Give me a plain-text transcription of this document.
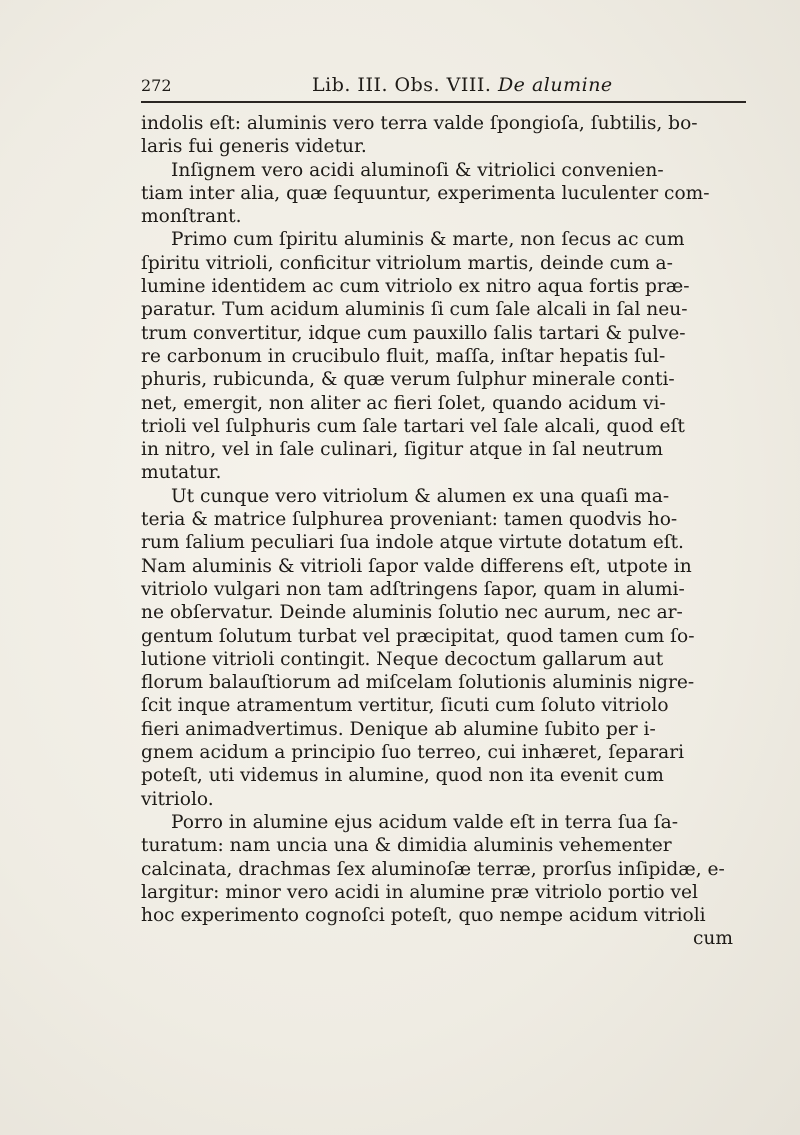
272	Lib. III. Obs. VIII. De alumine
indolis eſt: aluminis vero terra valde ſpongioſa, ſubtilis, bo-
laris fui generis videtur.
Inſignem vero acidi aluminoſi & vitriolici convenien-
tiam inter alia, quæ ſequuntur, experimenta luculenter com-
monſtrant.
Primo cum ſpiritu aluminis & marte, non ſecus ac cum
ſpiritu vitrioli, conficitur vitriolum martis, deinde cum a-
lumine identidem ac cum vitriolo ex nitro aqua fortis præ-
paratur. Tum acidum aluminis ſi cum ſale alcali in ſal neu-
trum convertitur, idque cum pauxillo ſalis tartari & pulve-
re carbonum in crucibulo fluit, maſſa, inſtar hepatis ſul-
phuris, rubicunda, & quæ verum ſulphur minerale conti-
net, emergit, non aliter ac fieri ſolet, quando acidum vi-
trioli vel ſulphuris cum ſale tartari vel ſale alcali, quod eſt
in nitro, vel in ſale culinari, ſigitur atque in ſal neutrum
mutatur.
Ut cunque vero vitriolum & alumen ex una quaſi ma-
teria & matrice ſulphurea proveniant: tamen quodvis ho-
rum ſalium peculiari ſua indole atque virtute dotatum eſt.
Nam aluminis & vitrioli ſapor valde differens eſt, utpote in
vitriolo vulgari non tam adſtringens ſapor, quam in alumi-
ne obſervatur. Deinde aluminis ſolutio nec aurum, nec ar-
gentum ſolutum turbat vel præcipitat, quod tamen cum ſo-
lutione vitrioli contingit. Neque decoctum gallarum aut
florum balauſtiorum ad miſcelam ſolutionis aluminis nigre-
ſcit inque atramentum vertitur, ſicuti cum ſoluto vitriolo
fieri animadvertimus. Denique ab alumine ſubito per i-
gnem acidum a principio ſuo terreo, cui inhæret, ſeparari
poteſt, uti videmus in alumine, quod non ita evenit cum
vitriolo.
Porro in alumine ejus acidum valde eſt in terra ſua ſa-
turatum: nam uncia una & dimidia aluminis vehementer
calcinata, drachmas ſex aluminoſæ terræ, prorſus inſipidæ, e-
largitur: minor vero acidi in alumine præ vitriolo portio vel
hoc experimento cognoſci poteſt, quo nempe acidum vitrioli
cum
